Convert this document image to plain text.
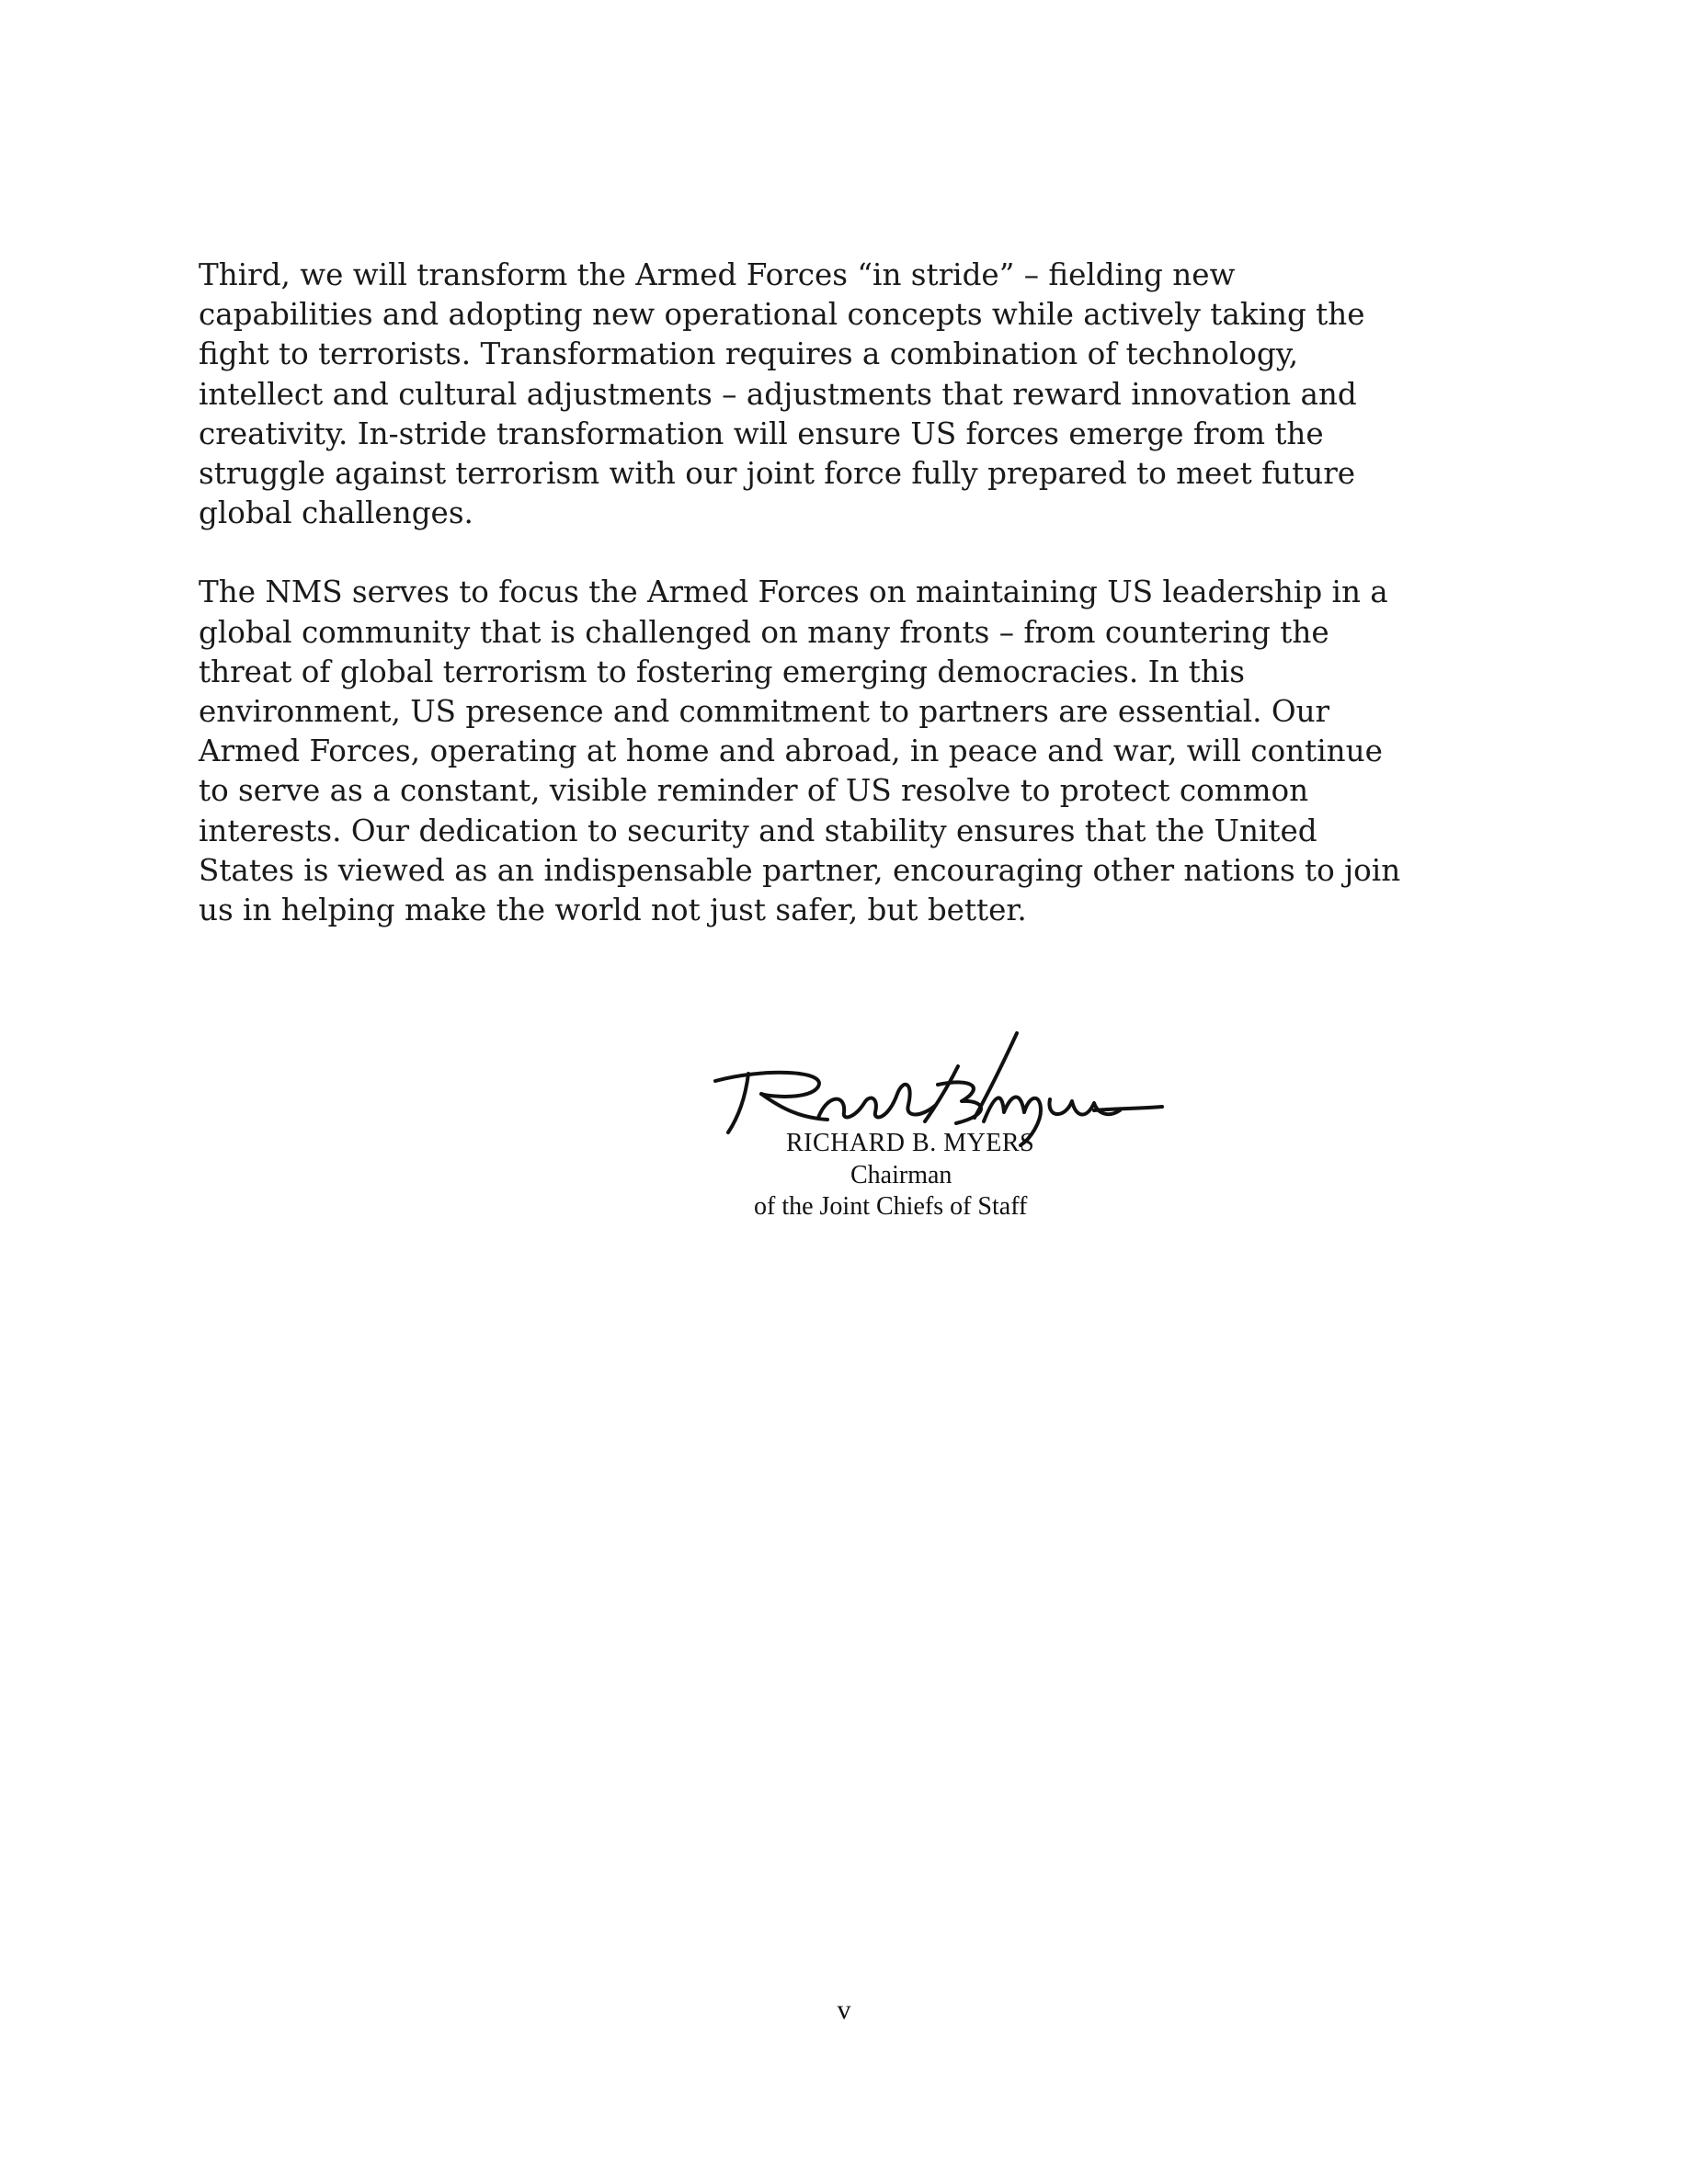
Third, we will transform the Armed Forces “in stride” – fielding new
capabilities and adopting new operational concepts while actively taking the
fight to terrorists. Transformation requires a combination of technology,
intellect and cultural adjustments – adjustments that reward innovation and
creativity. In-stride transformation will ensure US forces emerge from the
struggle against terrorism with our joint force fully prepared to meet future
global challenges.

The NMS serves to focus the Armed Forces on maintaining US leadership in a
global community that is challenged on many fronts – from countering the
threat of global terrorism to fostering emerging democracies. In this
environment, US presence and commitment to partners are essential. Our
Armed Forces, operating at home and abroad, in peace and war, will continue
to serve as a constant, visible reminder of US resolve to protect common
interests. Our dedication to security and stability ensures that the United
States is viewed as an indispensable partner, encouraging other nations to join
us in helping make the world not just safer, but better.

RICHARD B. MYERS
Chairman
of the Joint Chiefs of Staff
v
